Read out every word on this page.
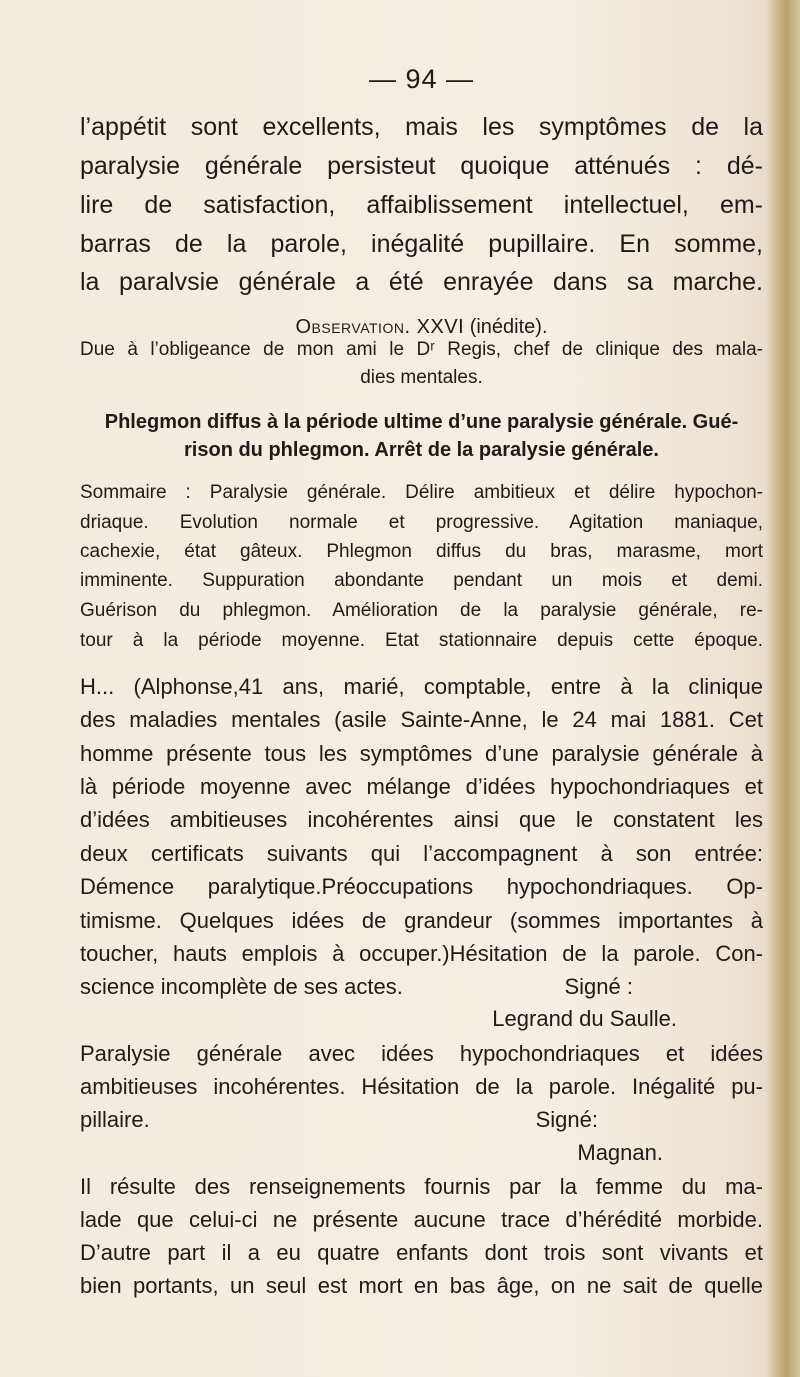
— 94 —
l’appétit sont excellents, mais les symptômes de la
paralysie générale persisteut quoique atténués : dé-
lire de satisfaction, affaiblissement intellectuel, em-
barras de la parole, inégalité pupillaire. En somme,
la paralvsie générale a été enrayée dans sa marche.
Observation. XXVI (inédite).
Due à l’obligeance de mon ami le Dʳ Regis, chef de clinique des mala-
dies mentales.
Phlegmon diffus à la période ultime d’une paralysie générale. Gué-
rison du phlegmon. Arrêt de la paralysie générale.
Sommaire : Paralysie générale. Délire ambitieux et délire hypochon-
driaque. Evolution normale et progressive. Agitation maniaque,
cachexie, état gâteux. Phlegmon diffus du bras, marasme, mort
imminente. Suppuration abondante pendant un mois et demi.
Guérison du phlegmon. Amélioration de la paralysie générale, re-
tour à la période moyenne. Etat stationnaire depuis cette époque.
H... (Alphonse,41 ans, marié, comptable, entre à la clinique
des maladies mentales (asile Sainte-Anne, le 24 mai 1881. Cet
homme présente tous les symptômes d’une paralysie générale à
là période moyenne avec mélange d’idées hypochondriaques et
d’idées ambitieuses incohérentes ainsi que le constatent les
deux certificats suivants qui l’accompagnent à son entrée:
Démence paralytique.Préoccupations hypochondriaques. Op-
timisme. Quelques idées de grandeur (sommes importantes à
toucher, hauts emplois à occuper.)Hésitation de la parole. Con-
science incomplète de ses actes.	Signé :
Legrand du Saulle.
Paralysie générale avec idées hypochondriaques et idées
ambitieuses incohérentes. Hésitation de la parole. Inégalité pu-
pillaire.	Signé:
Magnan.
Il résulte des renseignements fournis par la femme du ma-
lade que celui-ci ne présente aucune trace d’hérédité morbide.
D’autre part il a eu quatre enfants dont trois sont vivants et
bien portants, un seul est mort en bas âge, on ne sait de quelle
